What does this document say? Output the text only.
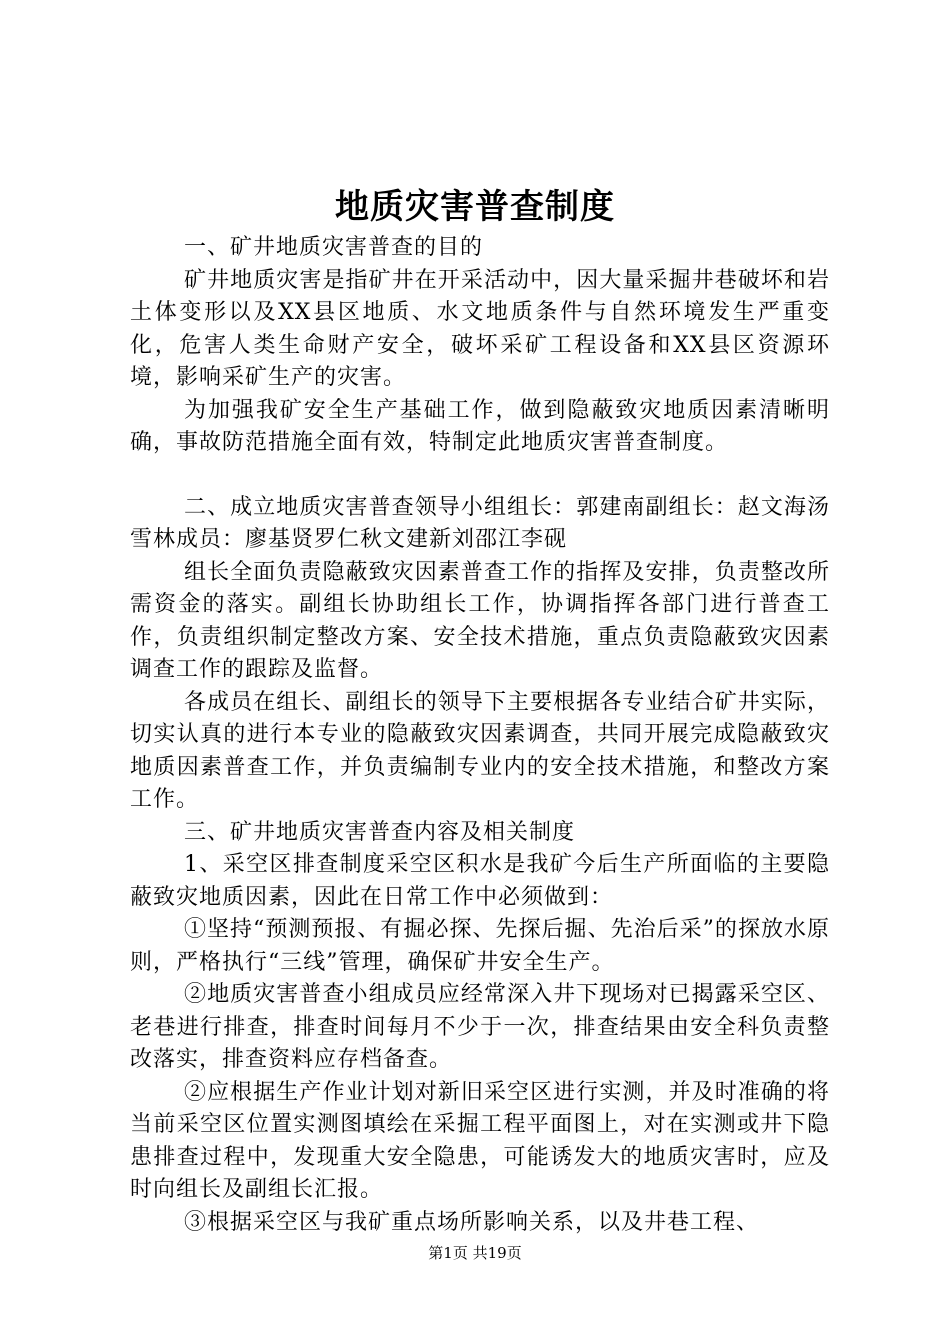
地质灾害普查制度

一、矿井地质灾害普查的目的

矿井地质灾害是指矿井在开采活动中，因大量采掘井巷破坏和岩土体变形以及XX县区地质、水文地质条件与自然环境发生严重变化，危害人类生命财产安全，破坏采矿工程设备和XX县区资源环境，影响采矿生产的灾害。

为加强我矿安全生产基础工作，做到隐蔽致灾地质因素清晰明确，事故防范措施全面有效，特制定此地质灾害普查制度。

二、成立地质灾害普查领导小组组长：郭建南副组长：赵文海汤雪林成员：廖基贤罗仁秋文建新刘邵江李砚

组长全面负责隐蔽致灾因素普查工作的指挥及安排，负责整改所需资金的落实。副组长协助组长工作，协调指挥各部门进行普查工作，负责组织制定整改方案、安全技术措施，重点负责隐蔽致灾因素调查工作的跟踪及监督。

各成员在组长、副组长的领导下主要根据各专业结合矿井实际，切实认真的进行本专业的隐蔽致灾因素调查，共同开展完成隐蔽致灾地质因素普查工作，并负责编制专业内的安全技术措施，和整改方案工作。

三、矿井地质灾害普查内容及相关制度

1、采空区排查制度采空区积水是我矿今后生产所面临的主要隐蔽致灾地质因素，因此在日常工作中必须做到：

①坚持“预测预报、有掘必探、先探后掘、先治后采”的探放水原则，严格执行“三线”管理，确保矿井安全生产。

②地质灾害普查小组成员应经常深入井下现场对已揭露采空区、老巷进行排查，排查时间每月不少于一次，排查结果由安全科负责整改落实，排查资料应存档备查。

②应根据生产作业计划对新旧采空区进行实测，并及时准确的将当前采空区位置实测图填绘在采掘工程平面图上，对在实测或井下隐患排查过程中，发现重大安全隐患，可能诱发大的地质灾害时，应及时向组长及副组长汇报。

③根据采空区与我矿重点场所影响关系，以及井巷工程、

第1页 共19页
